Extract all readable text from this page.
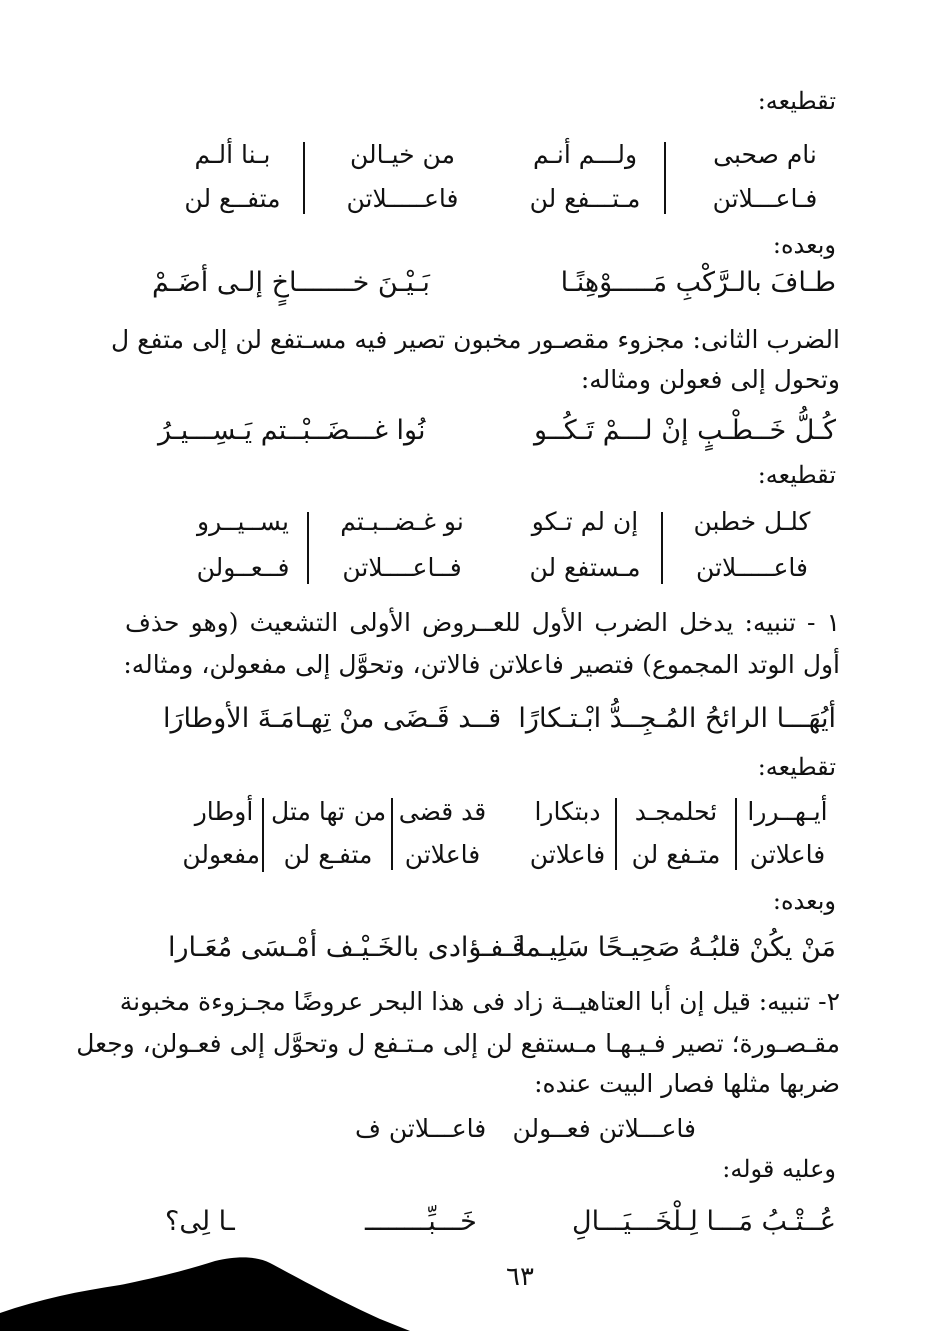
تقطيعه:
نام صحبى
ولـــم أنـم
من خيـالن
بـنا ألـم
فـاعـــلاتن
مـتـــفع لن
فاعـــــلاتن
متفــع لن
وبعده:
طـافَ بالـرَّكْبِ مَـــــوْهِنًـا
بَـيْـنَ خـــــــاخٍ إلـى أضَـمْ
الضرب الثانى: مجزوء مقصـور مخبون تصير فيه مسـتفع لن إلى متفع ل
وتحول إلى فعولن ومثاله:
كُـلُّ خَــطْـبٍ إنْ لـــمْ تَـكُــو
نُوا غـــضَــبْــتم يَـسِـــيـرُ
تقطيعه:
كلـل خطبن
إن لم تـكو
نو غـضــبـتم
يســيــرو
فاعـــــلاتن
مـستفع لن
فــاعــــلاتن
فــعــولن
١ - تنبيه: يدخل الضرب الأول للعــروض الأولى التشعيث (وهو حذف
أول الوتد المجموع) فتصير فاعلاتن فالاتن، وتحوَّل إلى مفعولن، ومثاله:
أيُهَـــا الرائحُ المُـجِــدُّ ابْـتـكارًا
قــد قَـضَى منْ تِهـامَـةَ الأوطارَا
تقطيعه:
أيـهــررا
ئحلمجـد
دبتكارا
قد قضى
من
تها متل
أوطار
فاعلاتن
متـفع لن
فاعلاتن
فاعلاتن
متفـع لن
مفعولن
وبعده:
مَنْ يكُنْ قلبُـهُ صَحِيـحًا سَلِيـما
فَـفـؤادى بالخَـيْـف أمْـسَى مُعَـارا
٢- تنبيه: قيل إن أبا العتاهيــة زاد فى هذا البحر عروضًا مجـزوءة مخبونة
مقـصـورة؛ تصير فـيـهـا مـستفع لن إلى مـتـفع ل وتحوَّل إلى فعـولن، وجعل
ضربها مثلها فصار البيت عنده:
فاعـــلاتن فعــولن
فاعـــلاتن ف
وعليه قوله:
عُــتْـبُ مَـــا لِـلْخَـــيَـــالِ
خَـــبِّــــــــ
ـا لِى؟
٦٣
